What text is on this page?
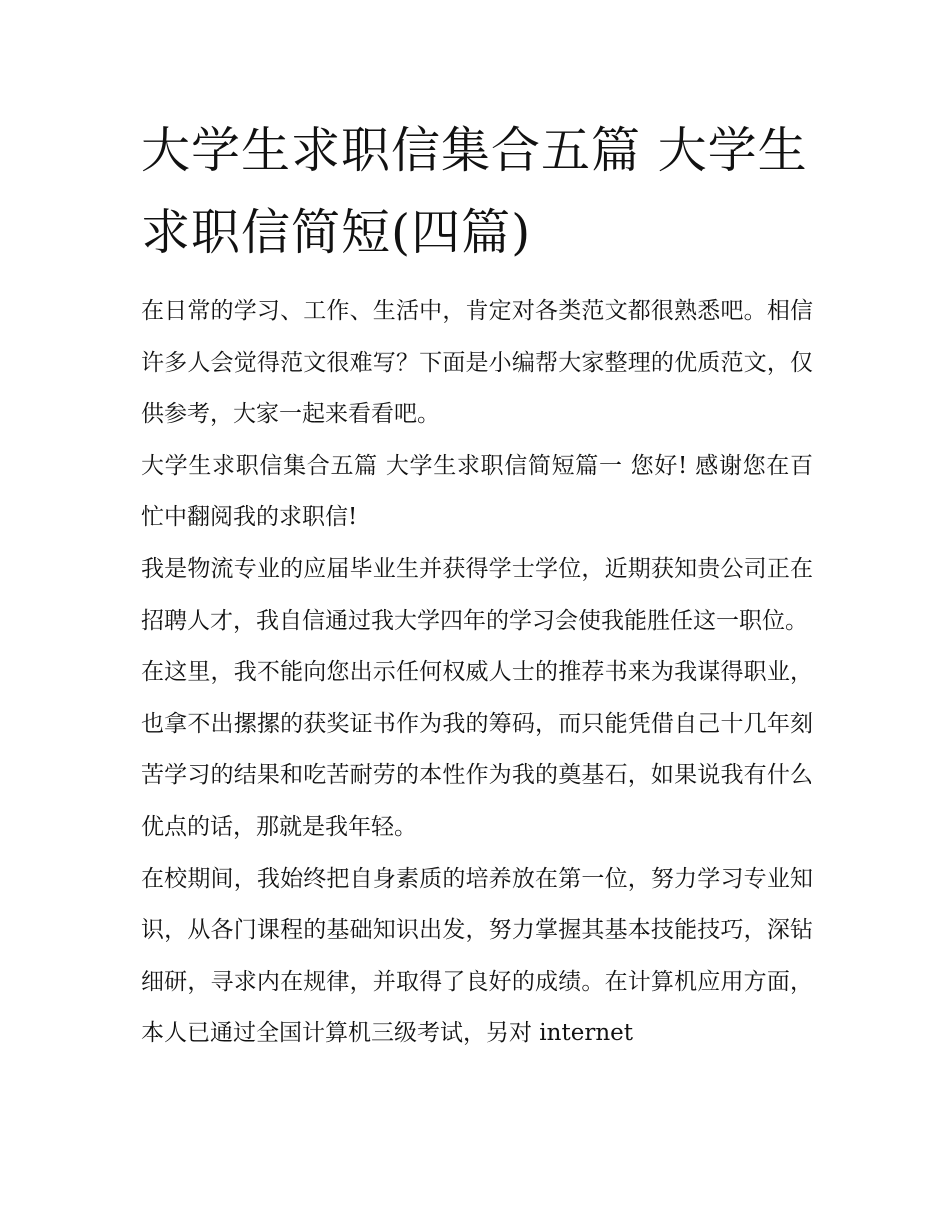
大学生求职信集合五篇 大学生求职信简短(四篇)

在日常的学习、工作、生活中，肯定对各类范文都很熟悉吧。相信许多人会觉得范文很难写？下面是小编帮大家整理的优质范文，仅供参考，大家一起来看看吧。

大学生求职信集合五篇 大学生求职信简短篇一 您好! 感谢您在百忙中翻阅我的求职信!

我是物流专业的应届毕业生并获得学士学位，近期获知贵公司正在招聘人才，我自信通过我大学四年的学习会使我能胜任这一职位。

在这里，我不能向您出示任何权威人士的推荐书来为我谋得职业，也拿不出摞摞的获奖证书作为我的筹码，而只能凭借自己十几年刻苦学习的结果和吃苦耐劳的本性作为我的奠基石，如果说我有什么优点的话，那就是我年轻。

在校期间，我始终把自身素质的培养放在第一位，努力学习专业知识，从各门课程的基础知识出发，努力掌握其基本技能技巧，深钻细研，寻求内在规律，并取得了良好的成绩。在计算机应用方面，本人已通过全国计算机三级考试，另对 internet
